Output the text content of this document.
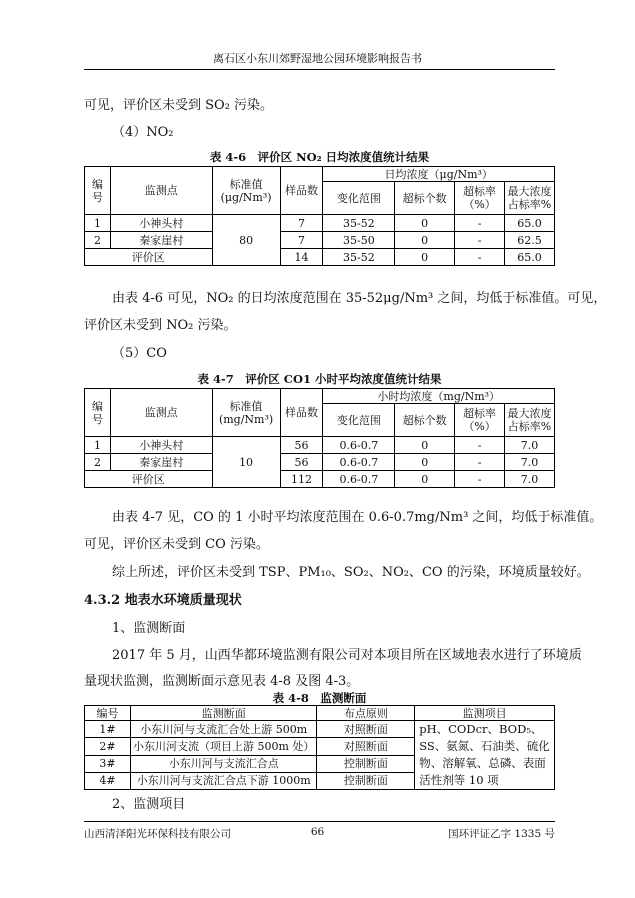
离石区小东川郊野湿地公园环境影响报告书
可见，评价区未受到 SO₂ 污染。
（4）NO₂
表 4-6　评价区 NO₂ 日均浓度值统计结果
编号	监测点	标准值(μg/Nm³)	样品数	日均浓度（μg/Nm³）			
				变化范围	超标个数	超标率（%）	最大浓度占标率%
1	小神头村	80	7	35-52	0	-	65.0
2	秦家崖村		7	35-50	0	-	62.5
评价区			14	35-52	0	-	65.0
由表 4-6 可见，NO₂ 的日均浓度范围在 35-52μg/Nm³ 之间，均低于标准值。可见，
评价区未受到 NO₂ 污染。
（5）CO
表 4-7　评价区 CO1 小时平均浓度值统计结果
编号	监测点	标准值(mg/Nm³)	样品数	小时均浓度（mg/Nm³）			
				变化范围	超标个数	超标率（%）	最大浓度占标率%
1	小神头村	10	56	0.6-0.7	0	-	7.0
2	秦家崖村		56	0.6-0.7	0	-	7.0
评价区			112	0.6-0.7	0	-	7.0
由表 4-7 见，CO 的 1 小时平均浓度范围在 0.6-0.7mg/Nm³ 之间，均低于标准值。
可见，评价区未受到 CO 污染。
综上所述，评价区未受到 TSP、PM₁₀、SO₂、NO₂、CO 的污染，环境质量较好。
4.3.2 地表水环境质量现状
1、监测断面
2017 年 5 月，山西华都环境监测有限公司对本项目所在区域地表水进行了环境质
量现状监测，监测断面示意见表 4-8 及图 4-3。
表 4-8　监测断面
编号	监测断面	布点原则	监测项目
1#	小东川河与支流汇合处上游 500m	对照断面	pH、CODcr、BOD₅、SS、氨氮、石油类、硫化物、溶解氧、总磷、表面活性剂等 10 项
2#	小东川河支流（项目上游 500m 处）	对照断面	
3#	小东川河与支流汇合点	控制断面	
4#	小东川河与支流汇合点下游 1000m	控制断面	
2、监测项目
山西清泽阳光环保科技有限公司	66	国环评证乙字 1335 号
